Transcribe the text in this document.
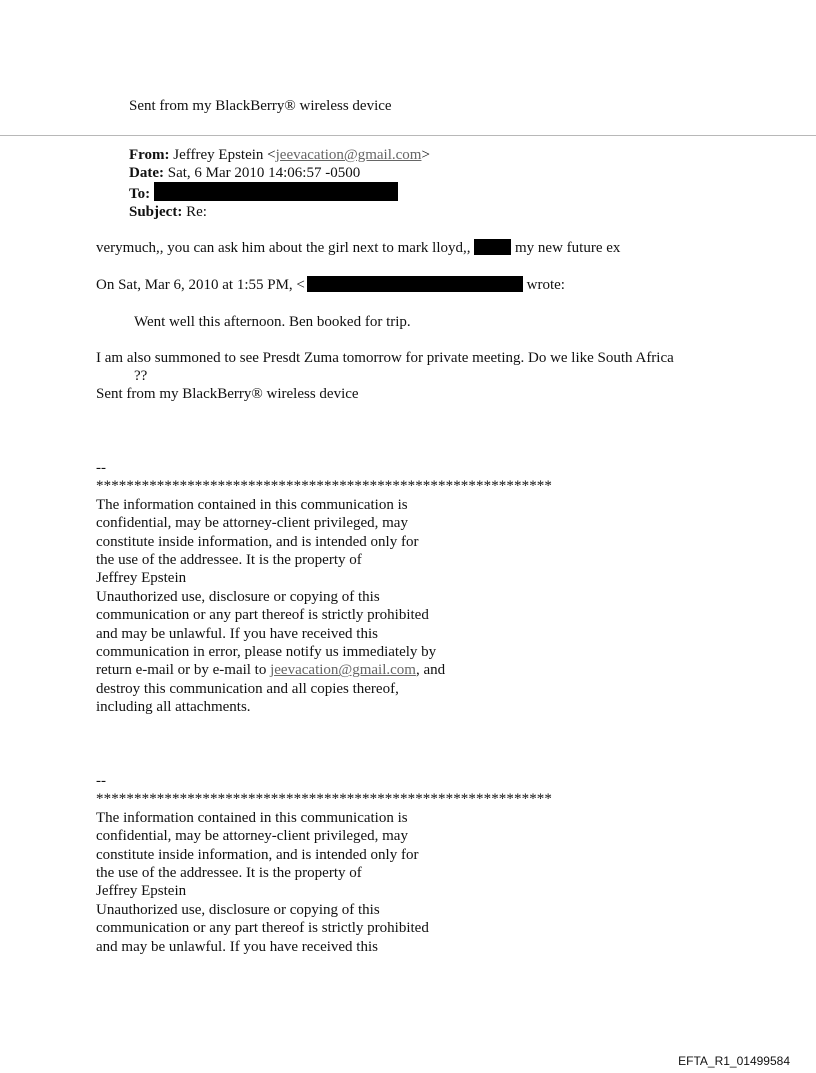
Sent from my BlackBerry® wireless device
From: Jeffrey Epstein <jeevacation@gmail.com>
Date: Sat, 6 Mar 2010 14:06:57 -0500
To:
Subject: Re:
verymuch,, you can ask him about the girl next to mark lloyd,,	my new future ex
On Sat, Mar 6, 2010 at 1:55 PM, <	wrote:
Went well this afternoon. Ben booked for trip.
I am also summoned to see Presdt Zuma tomorrow for private meeting. Do we like South Africa
??
Sent from my BlackBerry® wireless device
--
************************************************************
The information contained in this communication is
confidential, may be attorney-client privileged, may
constitute inside information, and is intended only for
the use of the addressee. It is the property of
Jeffrey Epstein
Unauthorized use, disclosure or copying of this
communication or any part thereof is strictly prohibited
and may be unlawful. If you have received this
communication in error, please notify us immediately by
return e-mail or by e-mail to jeevacation@gmail.com, and
destroy this communication and all copies thereof,
including all attachments.
--
************************************************************
The information contained in this communication is
confidential, may be attorney-client privileged, may
constitute inside information, and is intended only for
the use of the addressee. It is the property of
Jeffrey Epstein
Unauthorized use, disclosure or copying of this
communication or any part thereof is strictly prohibited
and may be unlawful. If you have received this
EFTA_R1_01499584
